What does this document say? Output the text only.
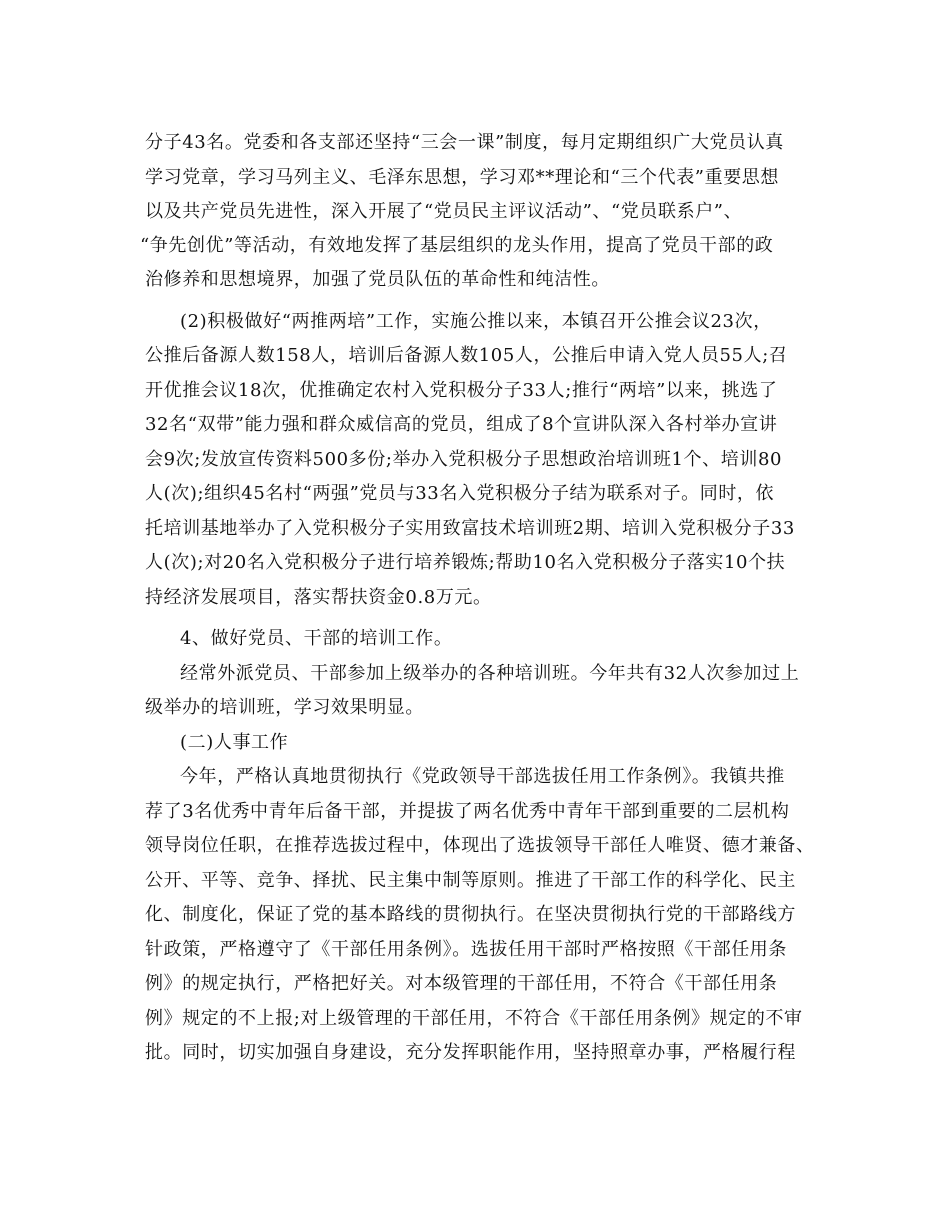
分子43名。党委和各支部还坚持“三会一课”制度，每月定期组织广大党员认真
学习党章，学习马列主义、毛泽东思想，学习邓**理论和“三个代表”重要思想
以及共产党员先进性，深入开展了“党员民主评议活动”、“党员联系户”、
“争先创优”等活动，有效地发挥了基层组织的龙头作用，提高了党员干部的政
治修养和思想境界，加强了党员队伍的革命性和纯洁性。
(2)积极做好“两推两培”工作，实施公推以来，本镇召开公推会议23次，
公推后备源人数158人，培训后备源人数105人，公推后申请入党人员55人;召
开优推会议18次，优推确定农村入党积极分子33人;推行“两培”以来，挑选了
32名“双带”能力强和群众威信高的党员，组成了8个宣讲队深入各村举办宣讲
会9次;发放宣传资料500多份;举办入党积极分子思想政治培训班1个、培训80
人(次);组织45名村“两强”党员与33名入党积极分子结为联系对子。同时，依
托培训基地举办了入党积极分子实用致富技术培训班2期、培训入党积极分子33
人(次);对20名入党积极分子进行培养锻炼;帮助10名入党积极分子落实10个扶
持经济发展项目，落实帮扶资金0.8万元。
4、做好党员、干部的培训工作。
经常外派党员、干部参加上级举办的各种培训班。今年共有32人次参加过上
级举办的培训班，学习效果明显。
(二)人事工作
今年，严格认真地贯彻执行《党政领导干部选拔任用工作条例》。我镇共推
荐了3名优秀中青年后备干部，并提拔了两名优秀中青年干部到重要的二层机构
领导岗位任职，在推荐选拔过程中，体现出了选拔领导干部任人唯贤、德才兼备、
公开、平等、竞争、择扰、民主集中制等原则。推进了干部工作的科学化、民主
化、制度化，保证了党的基本路线的贯彻执行。在坚决贯彻执行党的干部路线方
针政策，严格遵守了《干部任用条例》。选拔任用干部时严格按照《干部任用条
例》的规定执行，严格把好关。对本级管理的干部任用，不符合《干部任用条
例》规定的不上报;对上级管理的干部任用，不符合《干部任用条例》规定的不审
批。同时，切实加强自身建设，充分发挥职能作用，坚持照章办事，严格履行程
